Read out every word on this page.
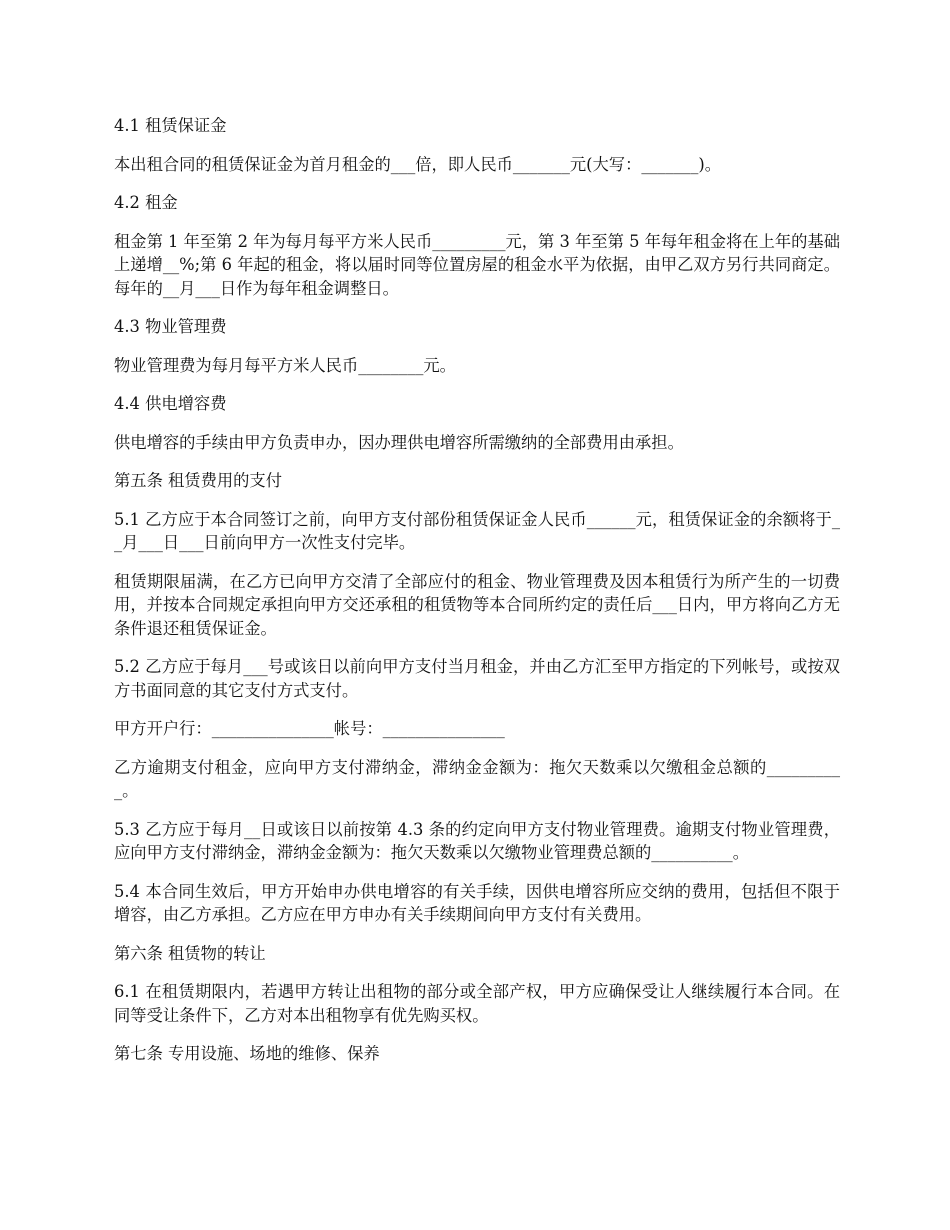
4.1 租赁保证金
本出租合同的租赁保证金为首月租金的___倍，即人民币_______元(大写：_______)。
4.2 租金
租金第 1 年至第 2 年为每月每平方米人民币_________元，第 3 年至第 5 年每年租金将在上年的基础上递增__%;第 6 年起的租金，将以届时同等位置房屋的租金水平为依据，由甲乙双方另行共同商定。每年的__月___日作为每年租金调整日。
4.3 物业管理费
物业管理费为每月每平方米人民币________元。
4.4 供电增容费
供电增容的手续由甲方负责申办，因办理供电增容所需缴纳的全部费用由承担。
第五条 租赁费用的支付
5.1 乙方应于本合同签订之前，向甲方支付部份租赁保证金人民币______元，租赁保证金的余额将于__月___日___日前向甲方一次性支付完毕。
租赁期限届满，在乙方已向甲方交清了全部应付的租金、物业管理费及因本租赁行为所产生的一切费用，并按本合同规定承担向甲方交还承租的租赁物等本合同所约定的责任后___日内，甲方将向乙方无条件退还租赁保证金。
5.2 乙方应于每月___号或该日以前向甲方支付当月租金，并由乙方汇至甲方指定的下列帐号，或按双方书面同意的其它支付方式支付。
甲方开户行：_______________帐号：_______________
乙方逾期支付租金，应向甲方支付滞纳金，滞纳金金额为：拖欠天数乘以欠缴租金总额的__________。
5.3 乙方应于每月__日或该日以前按第 4.3 条的约定向甲方支付物业管理费。逾期支付物业管理费，应向甲方支付滞纳金，滞纳金金额为：拖欠天数乘以欠缴物业管理费总额的__________。
5.4 本合同生效后，甲方开始申办供电增容的有关手续，因供电增容所应交纳的费用，包括但不限于增容，由乙方承担。乙方应在甲方申办有关手续期间向甲方支付有关费用。
第六条 租赁物的转让
6.1 在租赁期限内，若遇甲方转让出租物的部分或全部产权，甲方应确保受让人继续履行本合同。在同等受让条件下，乙方对本出租物享有优先购买权。
第七条 专用设施、场地的维修、保养
